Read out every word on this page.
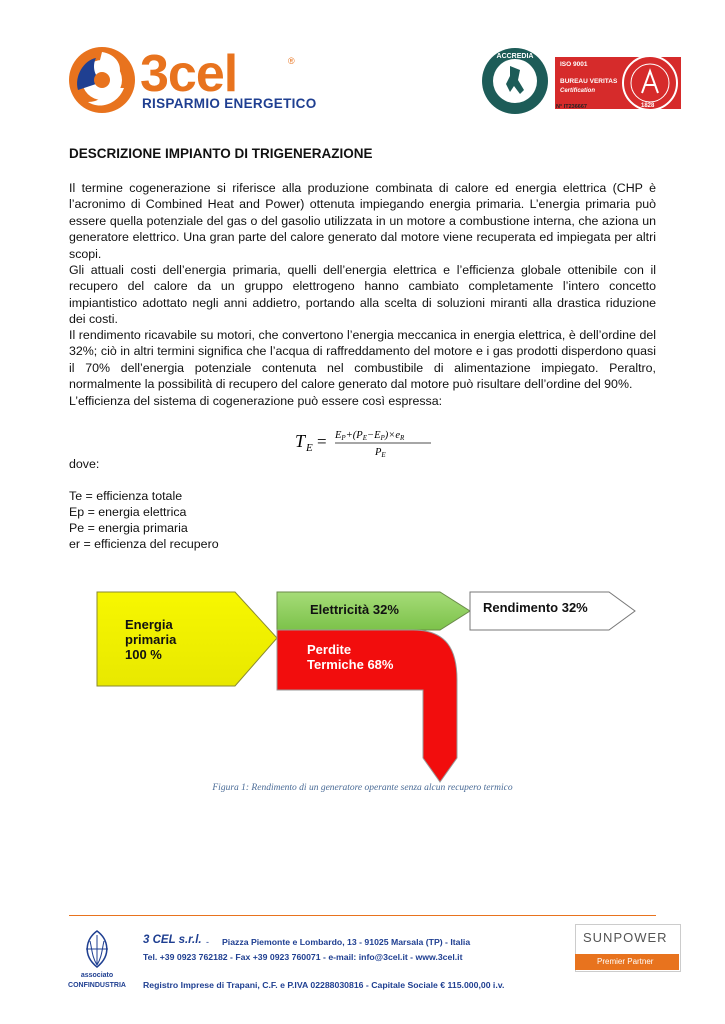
3cel	®
RISPARMIO ENERGETICO
ACCREDIA
ISO 9001
BUREAU VERITAS
Certification
1828
N° IT236667
DESCRIZIONE IMPIANTO DI TRIGENERAZIONE
Il termine cogenerazione si riferisce alla produzione combinata di calore ed energia elettrica (CHP è
l’acronimo di Combined Heat and Power) ottenuta impiegando energia primaria. L’energia primaria può
essere quella potenziale del gas o del gasolio utilizzata in un motore a combustione interna, che aziona un
generatore elettrico. Una gran parte del calore generato dal motore viene recuperata ed impiegata per altri
scopi.
Gli attuali costi dell’energia primaria, quelli dell’energia elettrica e l’efficienza globale ottenibile con il
recupero del calore da un gruppo elettrogeno hanno cambiato completamente l’intero concetto
impiantistico adottato negli anni addietro, portando alla scelta di soluzioni miranti alla drastica riduzione
dei costi.
Il rendimento ricavabile su motori, che convertono l’energia meccanica in energia elettrica, è dell’ordine del
32%; ciò in altri termini significa che l’acqua di raffreddamento del motore e i gas prodotti disperdono quasi
il 70% dell’energia potenziale contenuta nel combustibile di alimentazione impiegato. Peraltro,
normalmente la possibilità di recupero del calore generato dal motore può risultare dell’ordine del 90%.
L’efficienza del sistema di cogenerazione può essere così espressa:
T E = EP+(PE−EP)×eR
PE
dove:
Te = efficienza totale
Ep = energia elettrica
Pe = energia primaria
er = efficienza del recupero
Energia
primaria
100 %
Elettricità 32%	Rendimento 32%
Perdite
Termiche 68%
Figura 1: Rendimento di un generatore operante senza alcun recupero termico
associato
CONFINDUSTRIA
3 CEL s.r.l. - Piazza Piemonte e Lombardo, 13 - 91025 Marsala (TP) - Italia
Tel. +39 0923 762182 - Fax +39 0923 760071 - e-mail: info@3cel.it - www.3cel.it
Registro Imprese di Trapani, C.F. e P.IVA 02288030816 - Capitale Sociale € 115.000,00 i.v.
SUNPOWER
Premier Partner
